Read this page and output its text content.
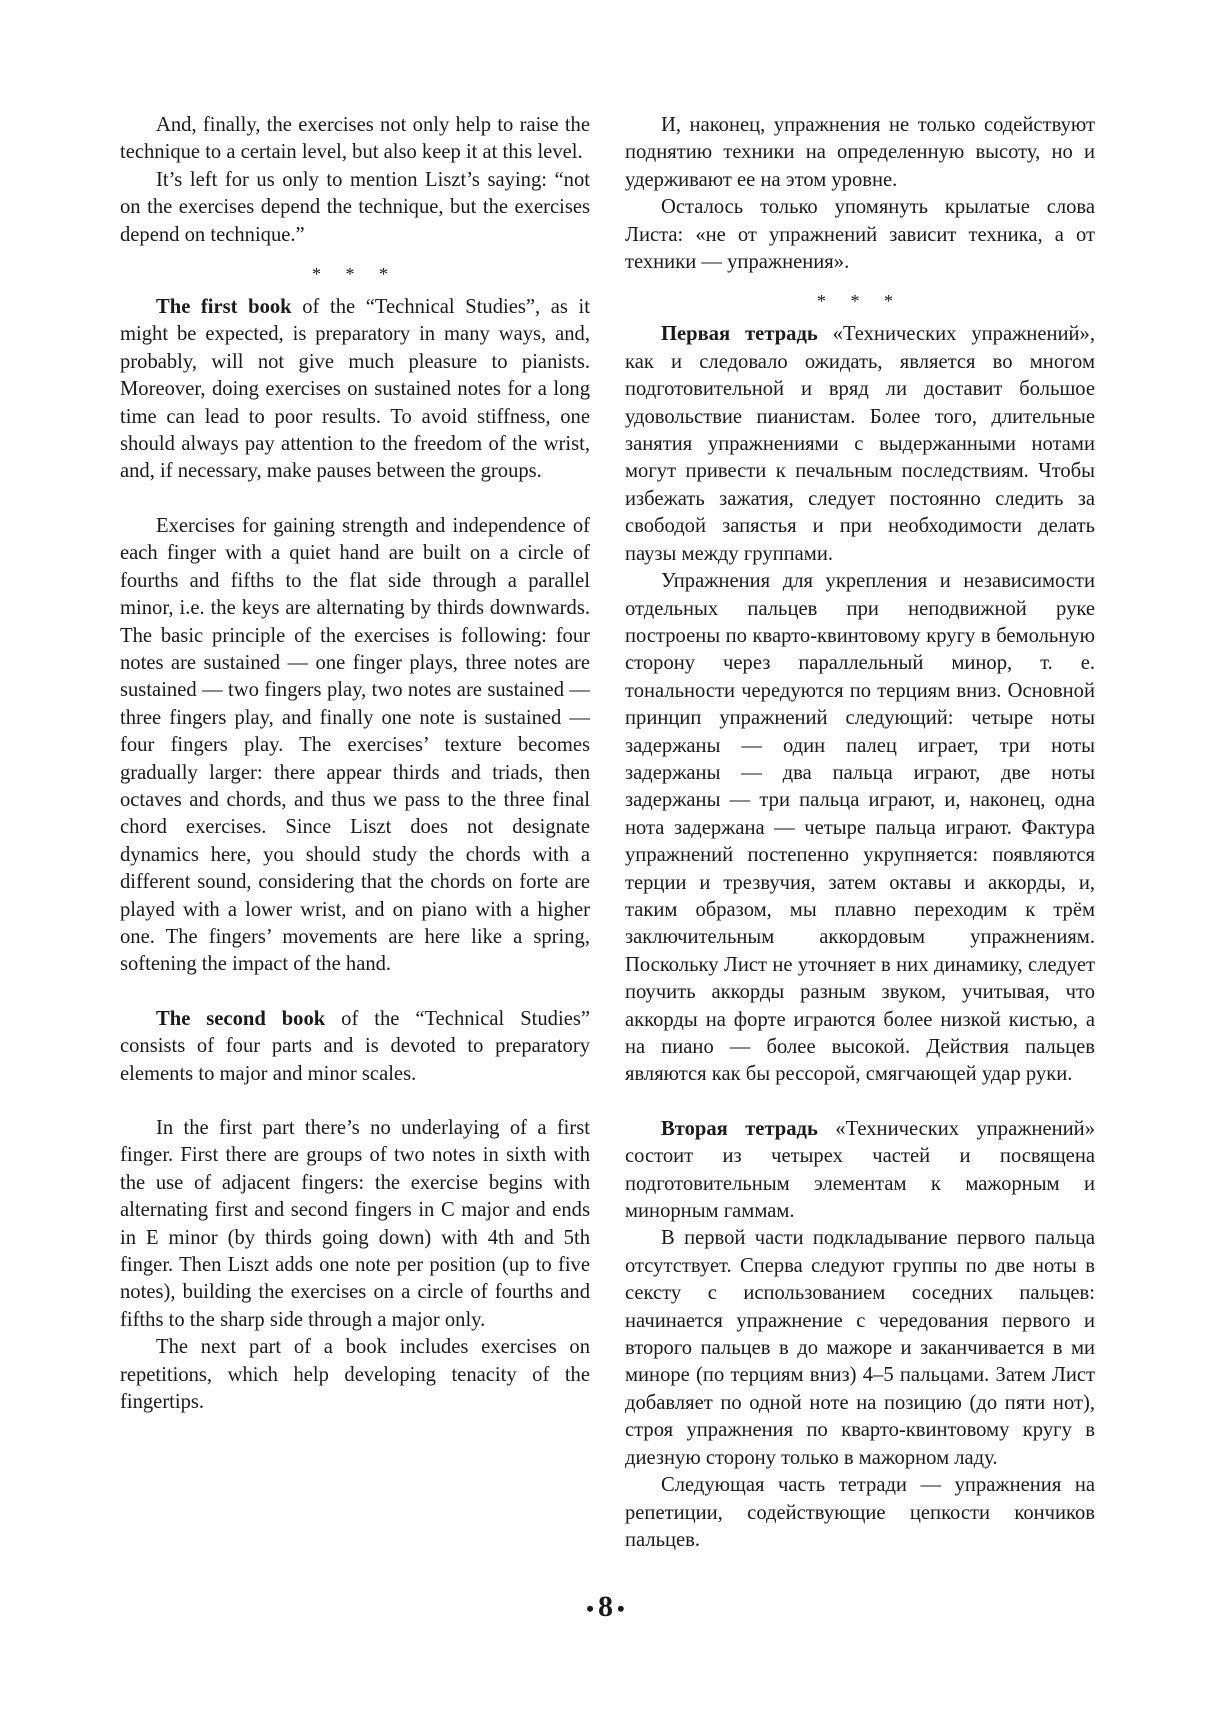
And, finally, the exercises not only help to raise the technique to a certain level, but also keep it at this level.

It’s left for us only to mention Liszt’s saying: “not on the exercises depend the technique, but the exercises depend on technique.”

* * *

The first book of the “Technical Studies”, as it might be expected, is preparatory in many ways, and, probably, will not give much pleasure to pianists. Moreover, doing exercises on sustained notes for a long time can lead to poor results. To avoid stiffness, one should always pay attention to the freedom of the wrist, and, if necessary, make pauses between the groups.

Exercises for gaining strength and independence of each finger with a quiet hand are built on a circle of fourths and fifths to the flat side through a parallel minor, i.e. the keys are alternating by thirds downwards. The basic principle of the exercises is following: four notes are sustained — one finger plays, three notes are sustained — two fingers play, two notes are sustained — three fingers play, and finally one note is sustained — four fingers play. The exercises’ texture becomes gradually larger: there appear thirds and triads, then octaves and chords, and thus we pass to the three final chord exercises. Since Liszt does not designate dynamics here, you should study the chords with a different sound, considering that the chords on forte are played with a lower wrist, and on piano with a higher one. The fingers’ movements are here like a spring, softening the impact of the hand.

The second book of the “Technical Studies” consists of four parts and is devoted to preparatory elements to major and minor scales.

In the first part there’s no underlaying of a first finger. First there are groups of two notes in sixth with the use of adjacent fingers: the exercise begins with alternating first and second fingers in C major and ends in E minor (by thirds going down) with 4th and 5th finger. Then Liszt adds one note per position (up to five notes), building the exercises on a circle of fourths and fifths to the sharp side through a major only.

The next part of a book includes exercises on repetitions, which help developing tenacity of the fingertips.

И, наконец, упражнения не только содействуют поднятию техники на определенную высоту, но и удерживают ее на этом уровне.

Осталось только упомянуть крылатые слова Листа: «не от упражнений зависит техника, а от техники — упражнения».

* * *

Первая тетрадь «Технических упражнений», как и следовало ожидать, является во многом подготовительной и вряд ли доставит большое удовольствие пианистам. Более того, длительные занятия упражнениями с выдержанными нотами могут привести к печальным последствиям. Чтобы избежать зажатия, следует постоянно следить за свободой запястья и при необходимости делать паузы между группами.

Упражнения для укрепления и независимости отдельных пальцев при неподвижной руке построены по кварто-квинтовому кругу в бемольную сторону через параллельный минор, т. е. тональности чередуются по терциям вниз. Основной принцип упражнений следующий: четыре ноты задержаны — один палец играет, три ноты задержаны — два пальца играют, две ноты задержаны — три пальца играют, и, наконец, одна нота задержана — четыре пальца играют. Фактура упражнений постепенно укрупняется: появляются терции и трезвучия, затем октавы и аккорды, и, таким образом, мы плавно переходим к трём заключительным аккордовым упражнениям. Поскольку Лист не уточняет в них динамику, следует поучить аккорды разным звуком, учитывая, что аккорды на форте играются более низкой кистью, а на пиано — более высокой. Действия пальцев являются как бы рессорой, смягчающей удар руки.

Вторая тетрадь «Технических упражнений» состоит из четырех частей и посвящена подготовительным элементам к мажорным и минорным гаммам.

В первой части подкладывание первого пальца отсутствует. Сперва следуют группы по две ноты в сексту с использованием соседних пальцев: начинается упражнение с чередования первого и второго пальцев в до мажоре и заканчивается в ми миноре (по терциям вниз) 4–5 пальцами. Затем Лист добавляет по одной ноте на позицию (до пяти нот), строя упражнения по кварто-квинтовому кругу в диезную сторону только в мажорном ладу.

Следующая часть тетради — упражнения на репетиции, содействующие цепкости кончиков пальцев.

• 8 •
